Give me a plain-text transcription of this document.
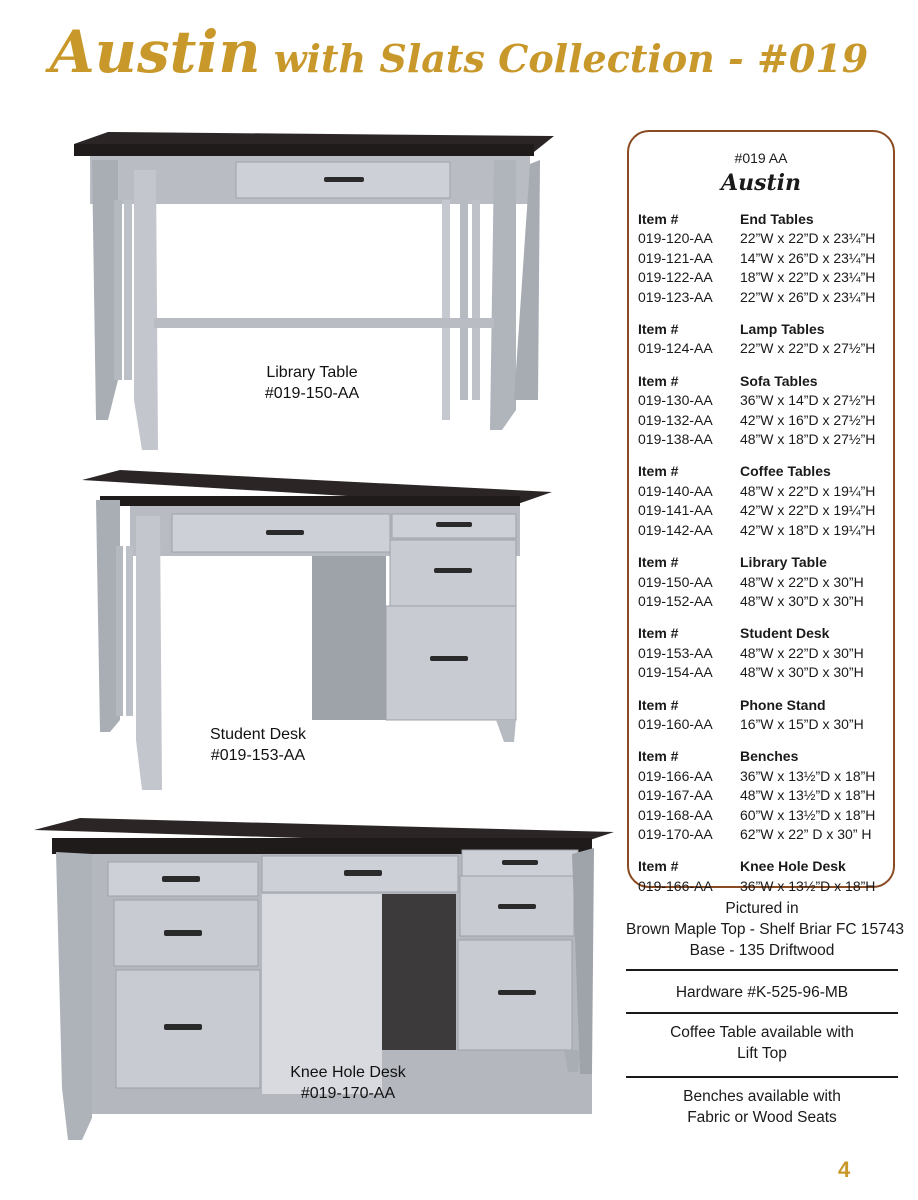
Austin with Slats Collection - #019
Library Table
#019-150-AA
Student Desk
#019-153-AA
Knee Hole Desk
#019-170-AA
#019 AA
Austin
Item #	End Tables
019-120-AA	22”W x 22”D x 23¼”H
019-121-AA	14”W x 26”D x 23¼”H
019-122-AA	18”W x 22”D x 23¼”H
019-123-AA	22”W x 26”D x 23¼”H
Item #	Lamp Tables
019-124-AA	22”W x 22”D x 27½”H
Item #	Sofa Tables
019-130-AA	36”W x 14”D x 27½”H
019-132-AA	42”W x 16”D x 27½”H
019-138-AA	48”W x 18”D x 27½”H
Item #	Coffee Tables
019-140-AA	48”W x 22”D x 19¼”H
019-141-AA	42”W x 22”D x 19¼”H
019-142-AA	42”W x 18”D x 19¼”H
Item #	Library Table
019-150-AA	48”W x 22”D x 30”H
019-152-AA	48”W x 30”D x 30”H
Item #	Student Desk
019-153-AA	48”W x 22”D x 30”H
019-154-AA	48”W x 30”D x 30”H
Item #	Phone Stand
019-160-AA	16”W x 15”D x 30”H
Item #	Benches
019-166-AA	36”W x 13½”D x 18”H
019-167-AA	48”W x 13½”D x 18”H
019-168-AA	60”W x 13½”D x 18”H
019-170-AA	62”W x 22” D x 30” H
Item #	Knee Hole Desk
019-166-AA	36”W x 13½”D x 18”H
Pictured in
Brown Maple Top - Shelf Briar FC 15743
Base - 135 Driftwood
Hardware #K-525-96-MB
Coffee Table available with
Lift Top
Benches available with
Fabric or Wood Seats
4
